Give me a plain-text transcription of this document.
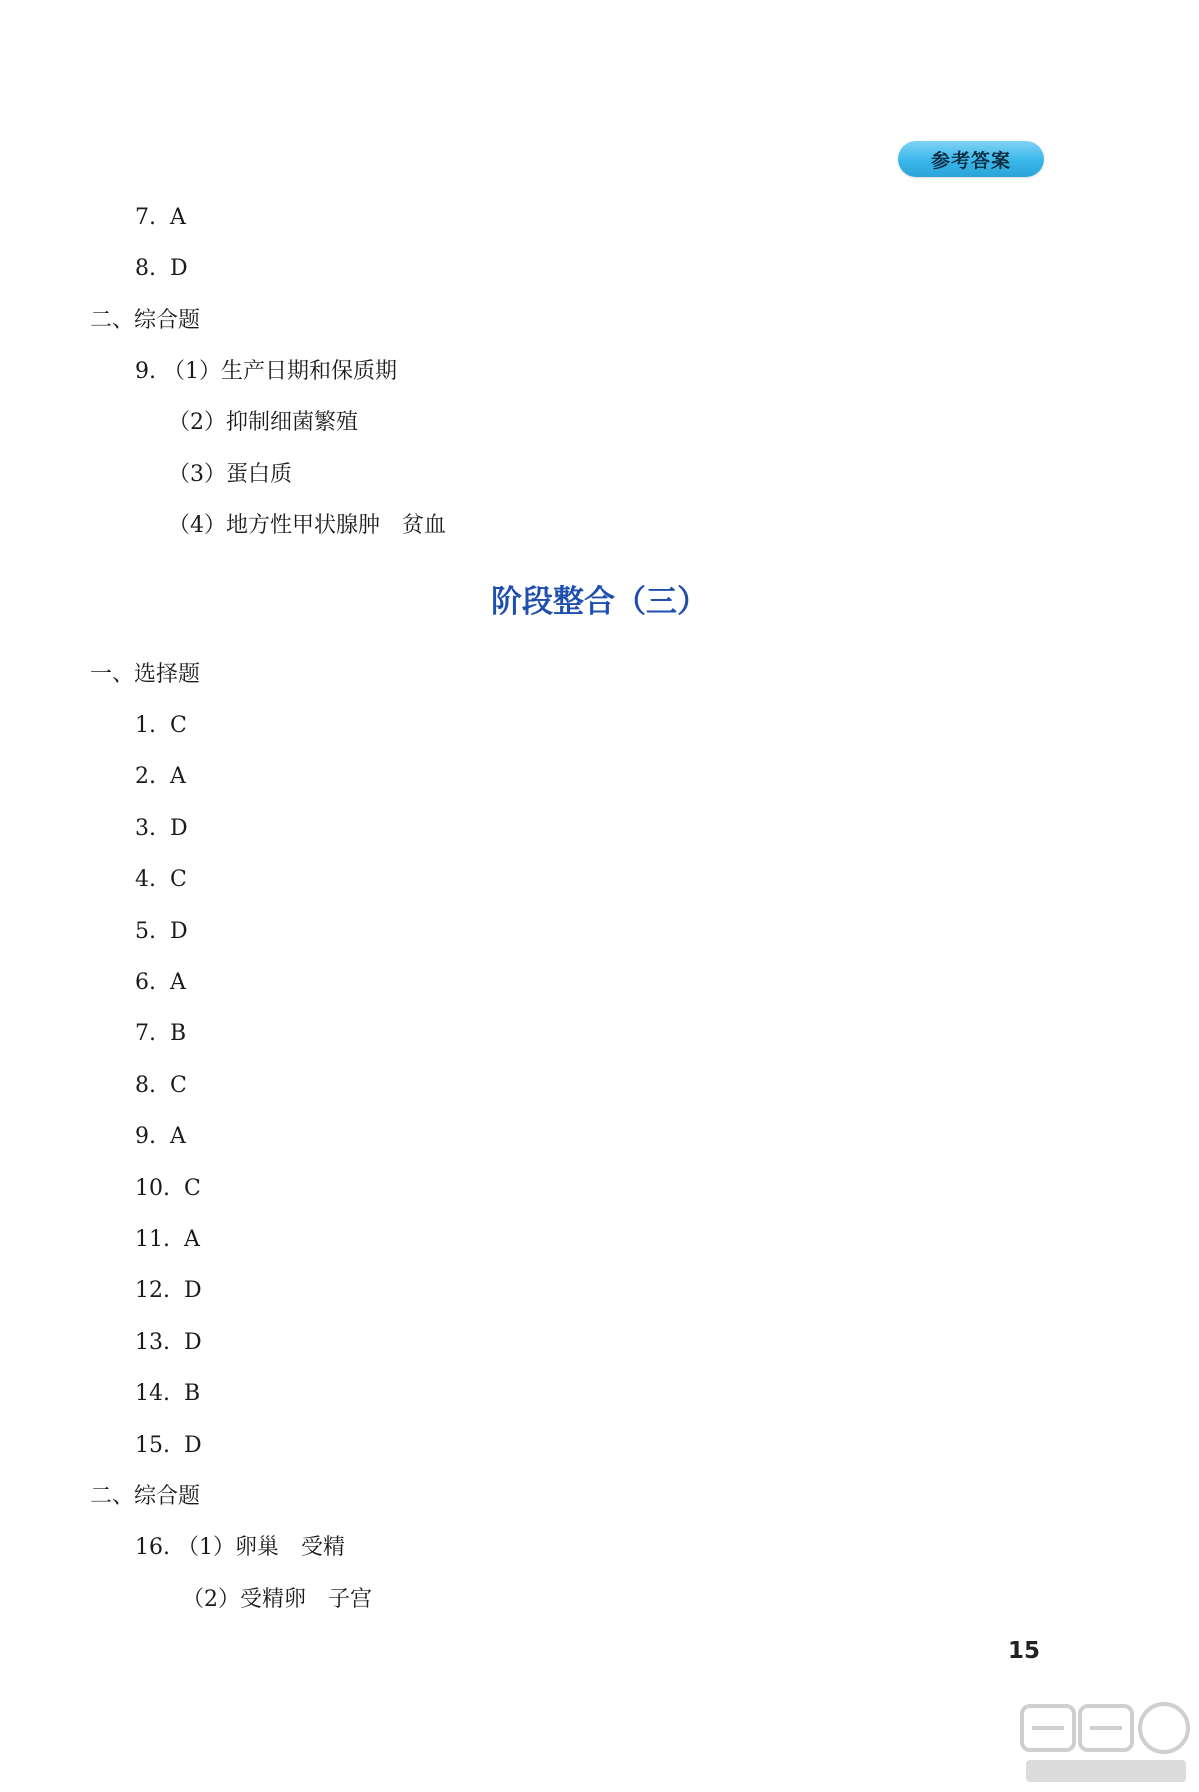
参考答案
7.  A
8.  D
二、综合题
9. （1）生产日期和保质期
（2）抑制细菌繁殖
（3）蛋白质
（4）地方性甲状腺肿　贫血
阶段整合（三）
一、选择题
1.  C
2.  A
3.  D
4.  C
5.  D
6.  A
7.  B
8.  C
9.  A
10.  C
11.  A
12.  D
13.  D
14.  B
15.  D
二、综合题
16. （1）卵巢　受精
（2）受精卵　子宫
15
